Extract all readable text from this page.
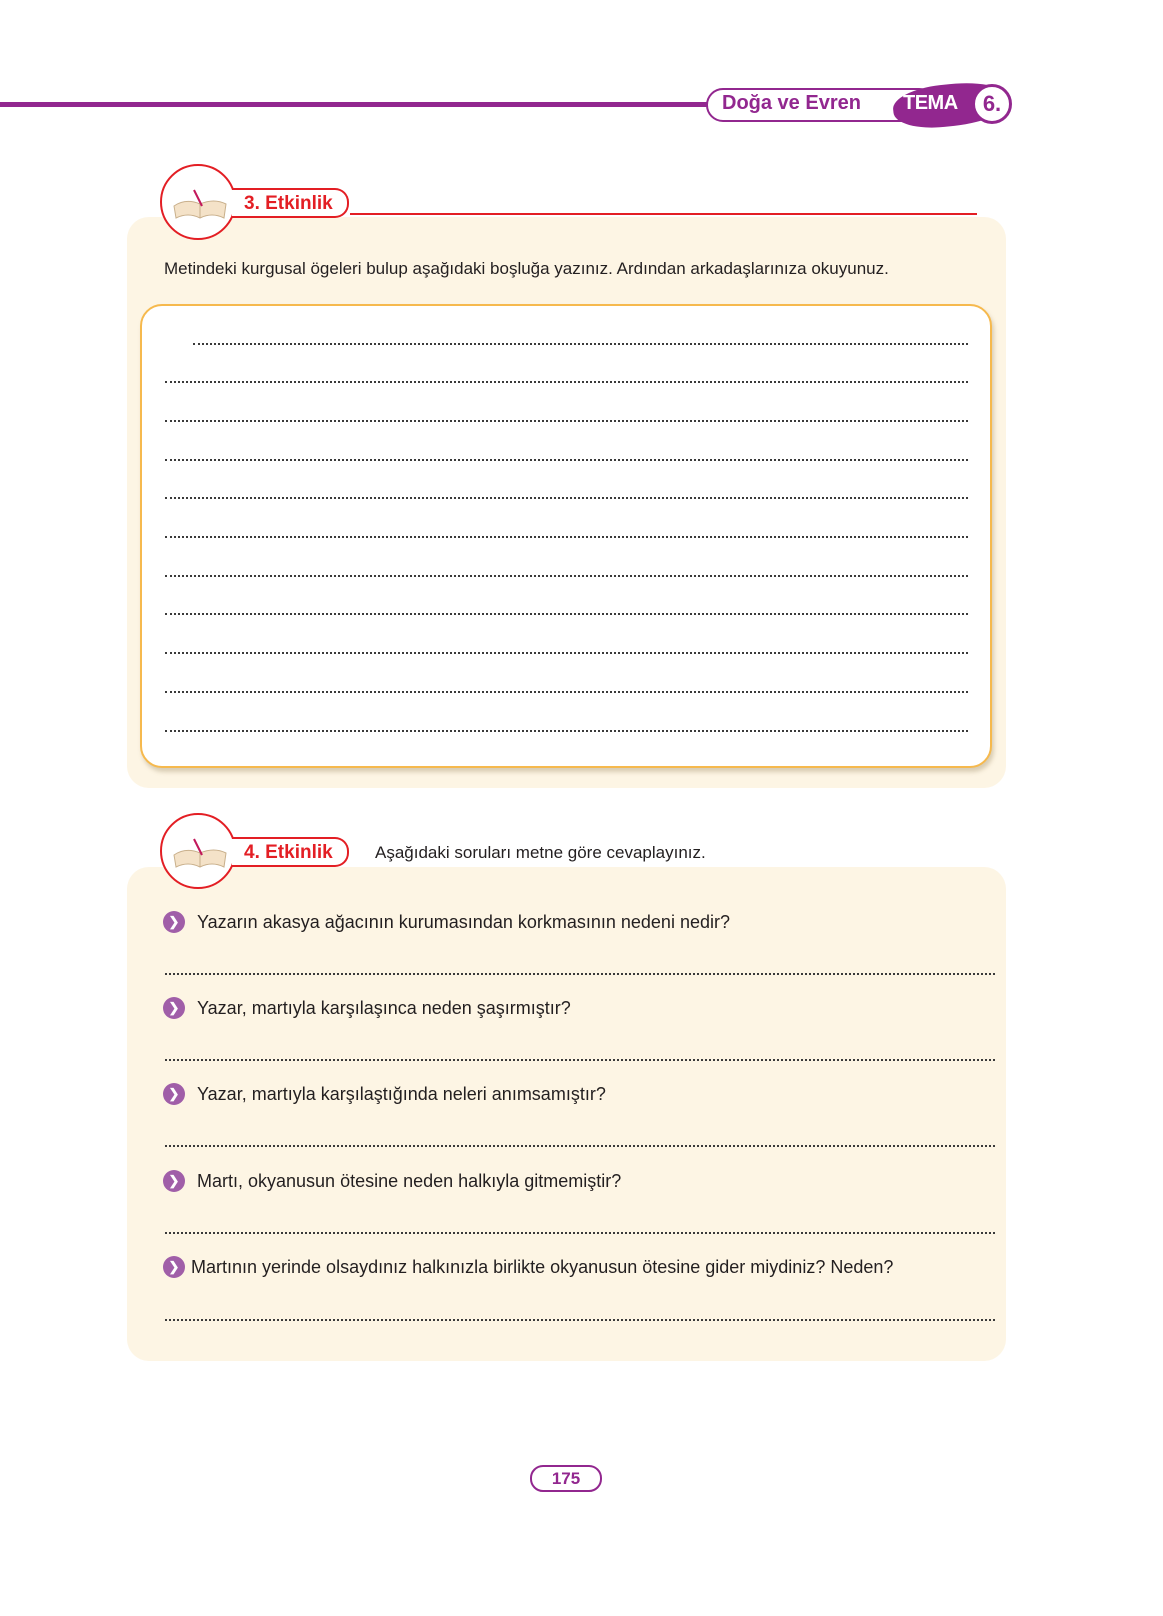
Doğa ve Evren TEMA	6.
3. Etkinlik
Metindeki kurgusal ögeleri bulup aşağıdaki boşluğa yazınız. Ardından arkadaşlarınıza okuyunuz.
4. Etkinlik	Aşağıdaki soruları metne göre cevaplayınız.
❯ Yazarın akasya ağacının kurumasından korkmasının nedeni nedir?
❯ Yazar, martıyla karşılaşınca neden şaşırmıştır?
❯ Yazar, martıyla karşılaştığında neleri anımsamıştır?
❯ Martı, okyanusun ötesine neden halkıyla gitmemiştir?
❯ Martının yerinde olsaydınız halkınızla birlikte okyanusun ötesine gider miydiniz? Neden?
175
